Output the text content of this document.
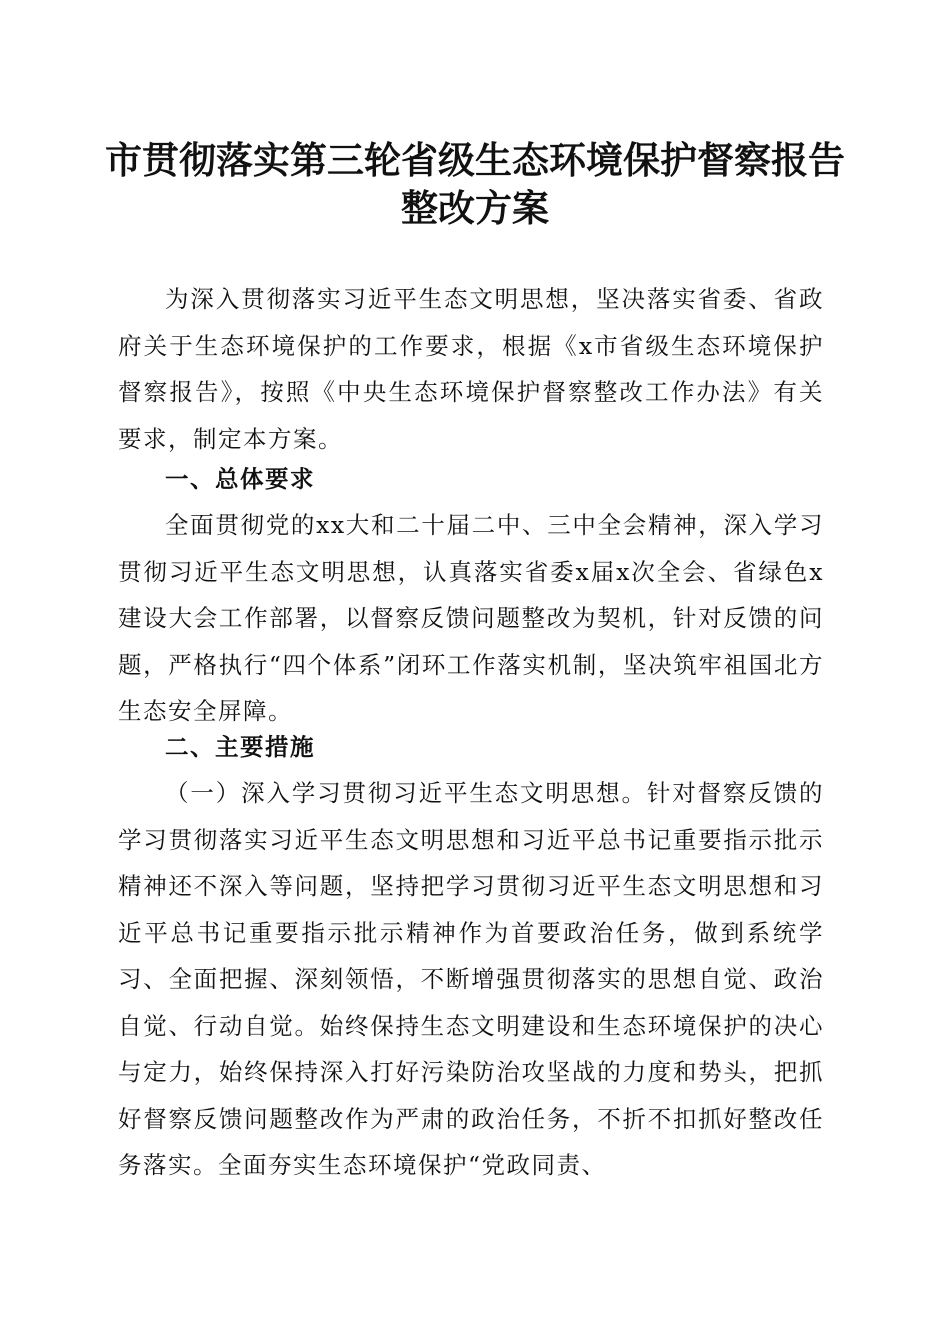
市贯彻落实第三轮省级生态环境保护督察报告
整改方案

为深入贯彻落实习近平生态文明思想，坚决落实省委、省政府关于生态环境保护的工作要求，根据《x市省级生态环境保护督察报告》，按照《中央生态环境保护督察整改工作办法》有关要求，制定本方案。

一、总体要求

全面贯彻党的xx大和二十届二中、三中全会精神，深入学习贯彻习近平生态文明思想，认真落实省委x届x次全会、省绿色x建设大会工作部署，以督察反馈问题整改为契机，针对反馈的问题，严格执行“四个体系”闭环工作落实机制，坚决筑牢祖国北方生态安全屏障。

二、主要措施

（一）深入学习贯彻习近平生态文明思想。针对督察反馈的学习贯彻落实习近平生态文明思想和习近平总书记重要指示批示精神还不深入等问题，坚持把学习贯彻习近平生态文明思想和习近平总书记重要指示批示精神作为首要政治任务，做到系统学习、全面把握、深刻领悟，不断增强贯彻落实的思想自觉、政治自觉、行动自觉。始终保持生态文明建设和生态环境保护的决心与定力，始终保持深入打好污染防治攻坚战的力度和势头，把抓好督察反馈问题整改作为严肃的政治任务，不折不扣抓好整改任务落实。全面夯实生态环境保护“党政同责、
